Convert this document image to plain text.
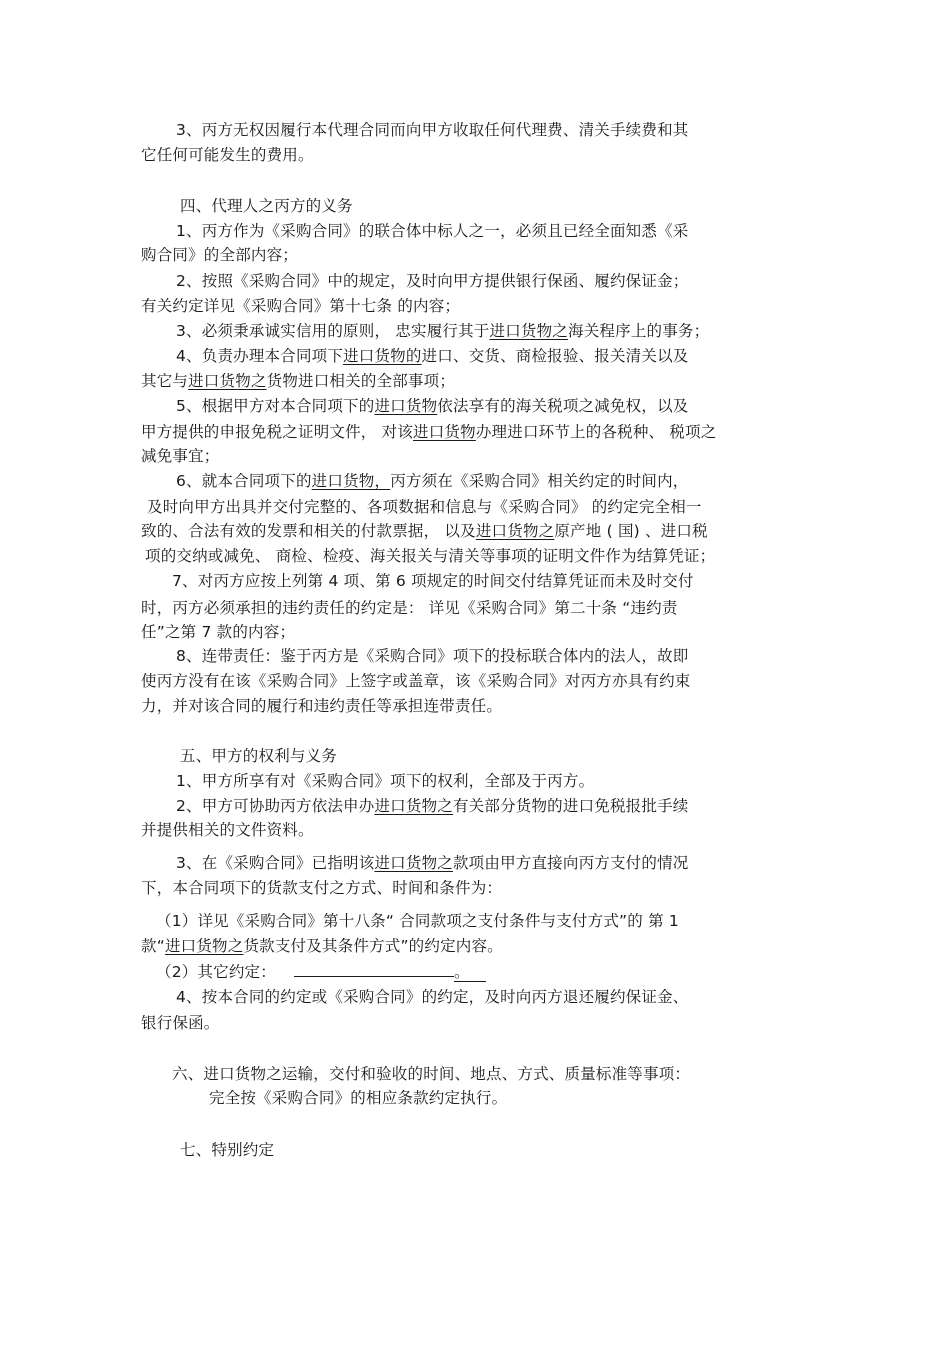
3、丙方无权因履行本代理合同而向甲方收取任何代理费、清关手续费和其
它任何可能发生的费用。
四、代理人之丙方的义务
1、丙方作为《采购合同》的联合体中标人之一，必须且已经全面知悉《采
购合同》的全部内容；
2、按照《采购合同》中的规定，及时向甲方提供银行保函、履约保证金；
有关约定详见《采购合同》第十七条 的内容；
3、必须秉承诚实信用的原则， 忠实履行其于进口货物之海关程序上的事务；
4、负责办理本合同项下进口货物的进口、交货、商检报验、报关清关以及
其它与进口货物之货物进口相关的全部事项；
5、根据甲方对本合同项下的进口货物依法享有的海关税项之减免权，以及
甲方提供的申报免税之证明文件， 对该进口货物办理进口环节上的各税种、 税项之
减免事宜；
6、就本合同项下的进口货物，丙方须在《采购合同》相关约定的时间内，
及时向甲方出具并交付完整的、各项数据和信息与《采购合同》 的约定完全相一
致的、合法有效的发票和相关的付款票据， 以及进口货物之原产地 ( 国) 、进口税
项的交纳或减免、 商检、检疫、海关报关与清关等事项的证明文件作为结算凭证；
7、对丙方应按上列第 4 项、第 6 项规定的时间交付结算凭证而未及时交付
时，丙方必须承担的违约责任的约定是： 详见《采购合同》第二十条 “违约责
任”之第 7 款的内容；
8、连带责任：鉴于丙方是《采购合同》项下的投标联合体内的法人，故即
使丙方没有在该《采购合同》上签字或盖章，该《采购合同》对丙方亦具有约束
力，并对该合同的履行和违约责任等承担连带责任。
五、甲方的权利与义务
1、甲方所享有对《采购合同》项下的权利，全部及于丙方。
2、甲方可协助丙方依法申办进口货物之有关部分货物的进口免税报批手续
并提供相关的文件资料。
3、在《采购合同》已指明该进口货物之款项由甲方直接向丙方支付的情况
下，本合同项下的货款支付之方式、时间和条件为：
（1）详见《采购合同》第十八条“ 合同款项之支付条件与支付方式”的 第 1
款“进口货物之货款支付及其条件方式”的约定内容。
（2）其它约定：	。
4、按本合同的约定或《采购合同》的约定，及时向丙方退还履约保证金、
银行保函。
六、进口货物之运输，交付和验收的时间、地点、方式、质量标准等事项：
完全按《采购合同》的相应条款约定执行。
七、特别约定
